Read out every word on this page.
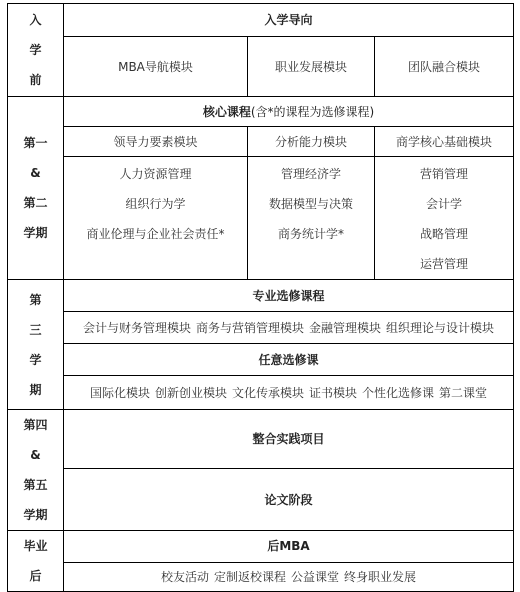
入
学
前	入学导向		
	MBA导航模块	职业发展模块	团队融合模块

第一
&
第二
学期	核心课程(含*的课程为选修课程)		
	领导力要素模块	分析能力模块	商学核心基础模块

	人力资源管理
组织行为学
商业伦理与企业社会责任*	管理经济学
数据模型与决策
商务统计学*	营销管理
会计学
战略管理
运营管理

第
三
学
期	专业选修课程		
	会计与财务管理模块 商务与营销管理模块 金融管理模块 组织理论与设计模块		
	任意选修课		
	国际化模块 创新创业模块 文化传承模块 证书模块 个性化选修课 第二课堂		

第四
&
第五
学期	整合实践项目		
	论文阶段		

毕业
后	后MBA		
	校友活动 定制返校课程 公益课堂 终身职业发展		
